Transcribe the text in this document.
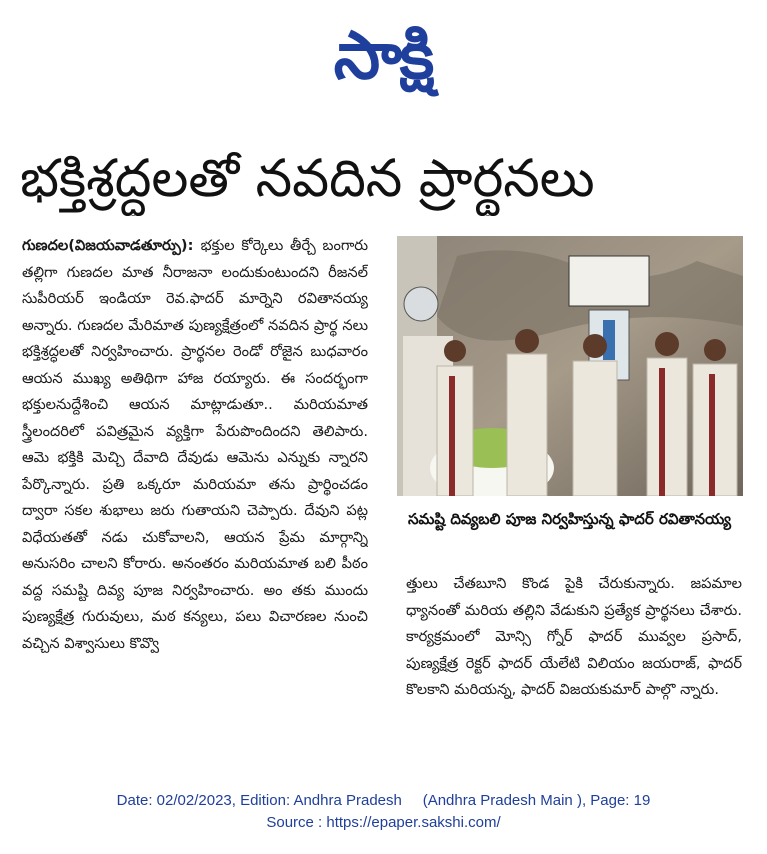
సాక్షి
భక్తిశ్రద్ధలతో నవదిన ప్రార్థనలు
గుణదల(విజయవాడతూర్పు): భక్తుల కోర్కెలు తీర్చే బంగారు తల్లిగా గుణదల మాత నీరాజనా లందుకుంటుందని రీజనల్ సుపీరియర్ ఇండియా రెవ.ఫాదర్ మార్నెని రవితానయ్య అన్నారు. గుణదల మేరిమాత పుణ్యక్షేత్రంలో నవదిన ప్రార్థ నలు భక్తిశ్రద్ధలతో నిర్వహించారు. ప్రార్థనల రెండో రోజైన బుధవారం ఆయన ముఖ్య అతిథిగా హాజ రయ్యారు. ఈ సందర్భంగా భక్తులనుద్దేశించి ఆయన మాట్లాడుతూ.. మరియమాత స్త్రీలందరిలో పవిత్రమైన వ్యక్తిగా పేరుపొందిందని తెలిపారు. ఆమె భక్తికి మెచ్చి దేవాది దేవుడు ఆమెను ఎన్నుకు న్నారని పేర్కొన్నారు. ప్రతి ఒక్కరూ మరియమా తను ప్రార్థించడం ద్వారా సకల శుభాలు జరు గుతాయని చెప్పారు. దేవుని పట్ల విధేయతతో నడు చుకోవాలని, ఆయన ప్రేమ మార్గాన్ని అనుసరిం చాలని కోరారు. అనంతరం మరియమాత బలి పీఠం వద్ద సమష్టి దివ్య పూజ నిర్వహించారు. అం తకు ముందు పుణ్యక్షేత్ర గురువులు, మఠ కన్యలు, పలు విచారణల నుంచి వచ్చిన విశ్వాసులు కొవ్వొ
సమష్టి దివ్యబలి పూజ నిర్వహిస్తున్న ఫాదర్ రవితానయ్య
త్తులు చేతబూని కొండ పైకి చేరుకున్నారు. జపమాల ధ్యానంతో మరియ తల్లిని వేడుకుని ప్రత్యేక ప్రార్థనలు చేశారు. కార్యక్రమంలో మోన్సి గ్నోర్ ఫాదర్ మువ్వల ప్రసాద్, పుణ్యక్షేత్ర రెక్టర్ ఫాదర్ యేలేటి విలియం జయరాజ్, ఫాదర్ కొలకాని మరియన్న, ఫాదర్ విజయకుమార్ పాల్గొ న్నారు.
Date: 02/02/2023, Edition: Andhra Pradesh     (Andhra Pradesh Main ), Page: 19
Source : https://epaper.sakshi.com/
